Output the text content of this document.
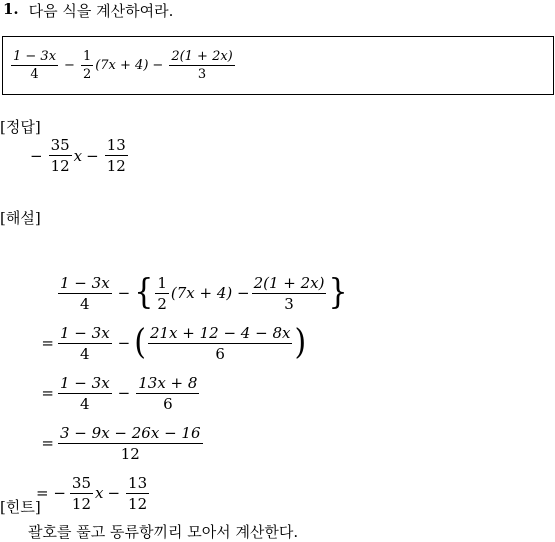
1. 다음 식을 계산하여라.
$\frac{1 - 3x}{4} - \frac{1}{2} (7x + 4) - \frac{2(1 + 2x)}{3}$
[정답]
− $\frac{35}{12}$ $x - \frac{13}{12}$
[해설]
$\frac{1 - 3x}{4}$ − { $\frac{1}{2} (7x + 4) - \frac{2(1 + 2x)}{3}$ }
= $\frac{1 - 3x}{4}$ − ( $\frac{21x + 12 - 4 - 8x}{6}$ )
= $\frac{1 - 3x}{4} - \frac{13x + 8}{6}$
= $\frac{3 - 9x - 26x - 16}{12}$
= − $\frac{35}{12}$ $x - \frac{13}{12}$
[힌트]
괄호를 풀고 동류항끼리 모아서 계산한다.
